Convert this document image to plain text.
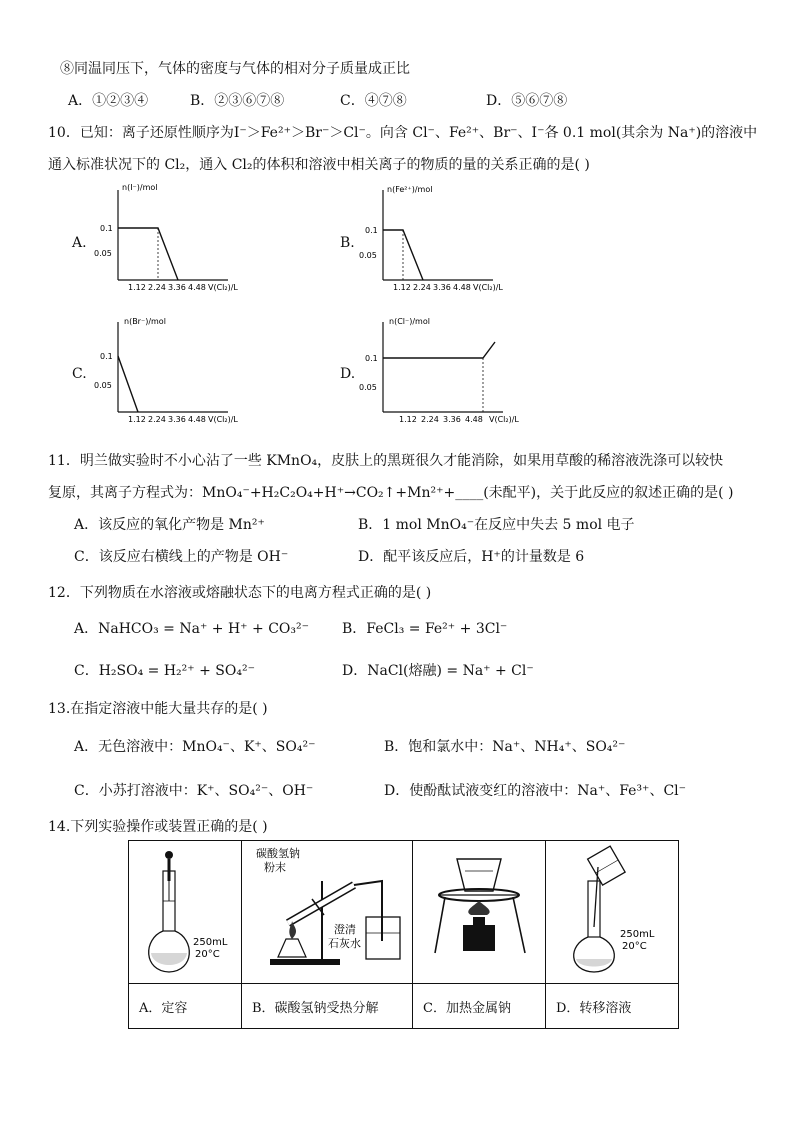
⑧同温同压下，气体的密度与气体的相对分子质量成正比
A．①②③④	B．②③⑥⑦⑧	C．④⑦⑧	D．⑤⑥⑦⑧
10．已知：离子还原性顺序为I⁻＞Fe²⁺＞Br⁻＞Cl⁻。向含 Cl⁻、Fe²⁺、Br⁻、I⁻各 0.1 mol(其余为 Na⁺)的溶液中
通入标准状况下的 Cl₂，通入 Cl₂的体积和溶液中相关离子的物质的量的关系正确的是( )
A.
n(I⁻)/mol
0.1
0.05
1.12 2.24 3.36 4.48 V(Cl₂)/L
B.
n(Fe²⁺)/mol
0.1
0.05
1.12 2.24 3.36 4.48 V(Cl₂)/L
C.
n(Br⁻)/mol
0.1
0.05
1.12 2.24 3.36 4.48 V(Cl₂)/L
D.
n(Cl⁻)/mol
0.1
0.05
1.12 2.24 3.36 4.48 V(Cl₂)/L
11．明兰做实验时不小心沾了一些 KMnO₄，皮肤上的黑斑很久才能消除，如果用草酸的稀溶液洗涤可以较快
复原，其离子方程式为：MnO₄⁻+H₂C₂O₄+H⁺→CO₂↑+Mn²⁺+____(未配平)，关于此反应的叙述正确的是( )
A．该反应的氧化产物是 Mn²⁺	B．1 mol MnO₄⁻在反应中失去 5 mol 电子
C．该反应右横线上的产物是 OH⁻	D．配平该反应后，H⁺的计量数是 6
12．下列物质在水溶液或熔融状态下的电离方程式正确的是( )
A．NaHCO₃ = Na⁺ + H⁺ + CO₃²⁻ B．FeCl₃ = Fe²⁺ + 3Cl⁻
C．H₂SO₄ = H₂²⁺ + SO₄²⁻	D．NaCl(熔融) = Na⁺ + Cl⁻
13.在指定溶液中能大量共存的是( )
A．无色溶液中：MnO₄⁻、K⁺、SO₄²⁻	B．饱和氯水中：Na⁺、NH₄⁺、SO₄²⁻
C．小苏打溶液中：K⁺、SO₄²⁻、OH⁻	D．使酚酞试液变红的溶液中：Na⁺、Fe³⁺、Cl⁻
14.下列实验操作或装置正确的是( )
250mL
20°C	碳酸氢钠
粉末
澄清
石灰水		250mL
20°C

A．定容	B．碳酸氢钠受热分解	C．加热金属钠	D．转移溶液
